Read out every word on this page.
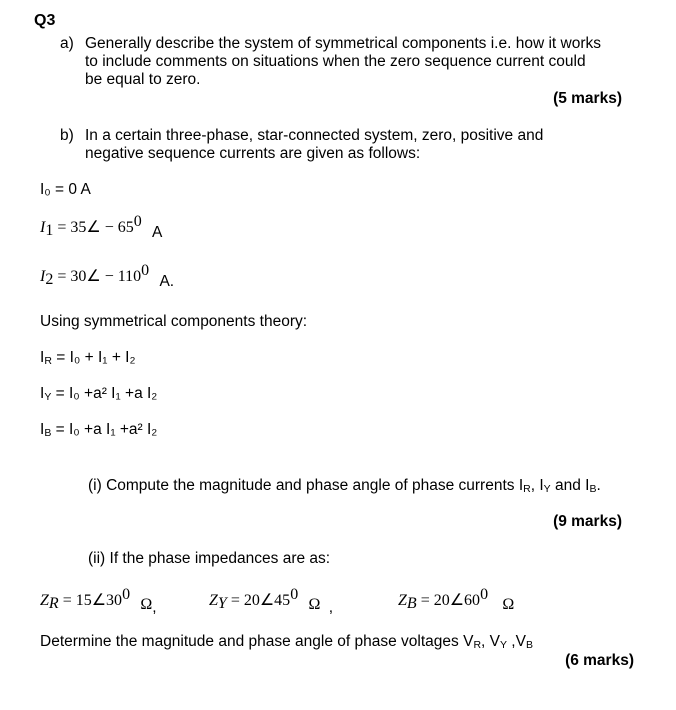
Q3
a) Generally describe the system of symmetrical components i.e. how it works
to include comments on situations when the zero sequence current could
be equal to zero.
(5 marks)
b) In a certain three-phase, star-connected system, zero, positive and
negative sequence currents are given as follows:
I₀ = 0 A
$I_1$ = 35∠ − $65^0$ A
$I_2$ = 30∠ − $110^0$ A.
Using symmetrical components theory:
IR = I₀ + I₁ + I₂
IY = I₀ +a² I₁ +a I₂
IB = I₀ +a I₁ +a² I₂
(i) Compute the magnitude and phase angle of phase currents IR, IY and IB.
(9 marks)
(ii) If the phase impedances are as:
$Z_R$ = $15\angle 30^0$ Ω,	$Z_Y$ = $20\angle 45^0$ Ω ,	$Z_B$ = $20\angle 60^0$ Ω
Determine the magnitude and phase angle of phase voltages VR, VY ,VB
(6 marks)
